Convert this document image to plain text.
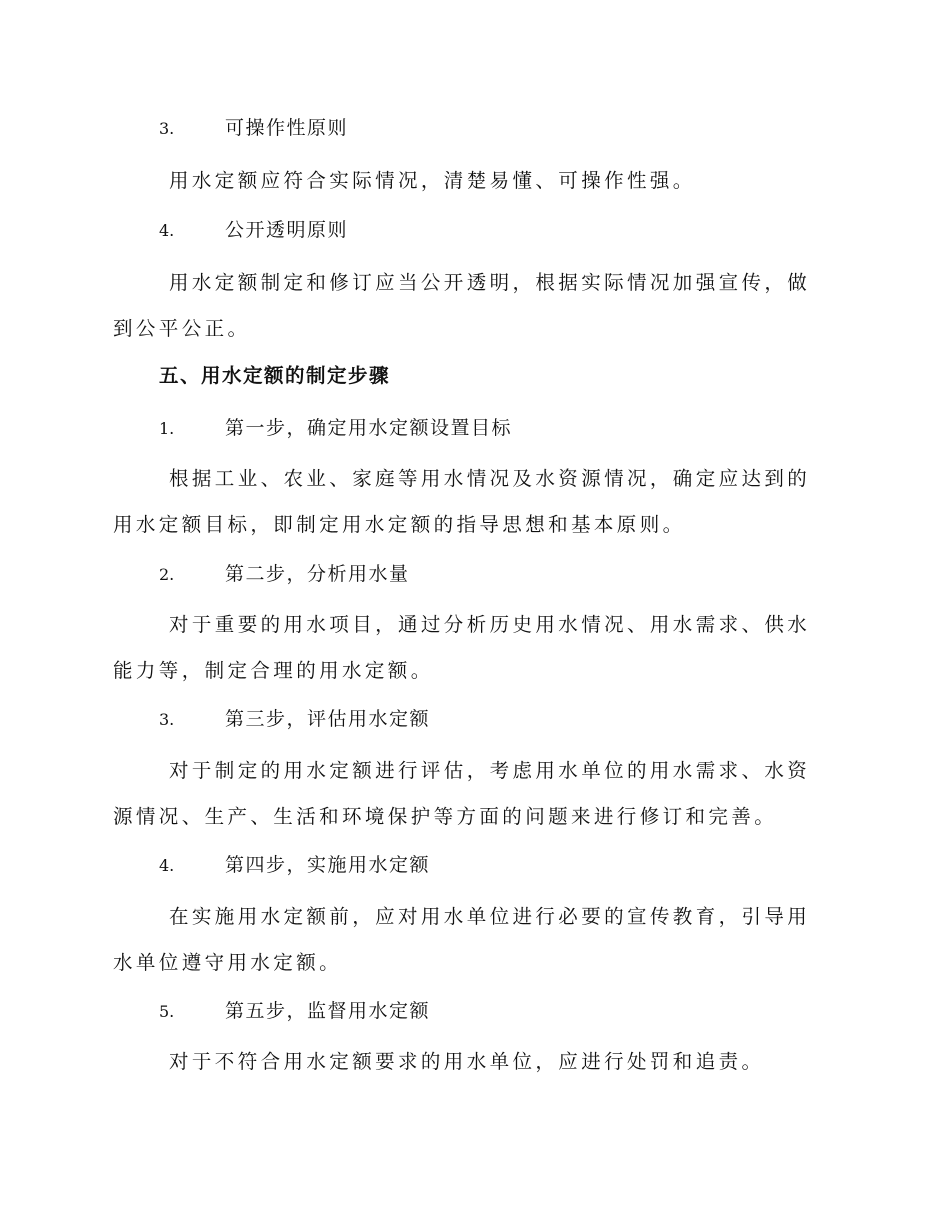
3.	可操作性原则

用水定额应符合实际情况，清楚易懂、可操作性强。

4.	公开透明原则

用水定额制定和修订应当公开透明，根据实际情况加强宣传，做到公平公正。

五、用水定额的制定步骤
1.	第一步，确定用水定额设置目标

根据工业、农业、家庭等用水情况及水资源情况，确定应达到的用水定额目标，即制定用水定额的指导思想和基本原则。

2.	第二步，分析用水量

对于重要的用水项目，通过分析历史用水情况、用水需求、供水能力等，制定合理的用水定额。

3.	第三步，评估用水定额

对于制定的用水定额进行评估，考虑用水单位的用水需求、水资源情况、生产、生活和环境保护等方面的问题来进行修订和完善。

4.	第四步，实施用水定额

在实施用水定额前，应对用水单位进行必要的宣传教育，引导用水单位遵守用水定额。

5.	第五步，监督用水定额

对于不符合用水定额要求的用水单位，应进行处罚和追责。
